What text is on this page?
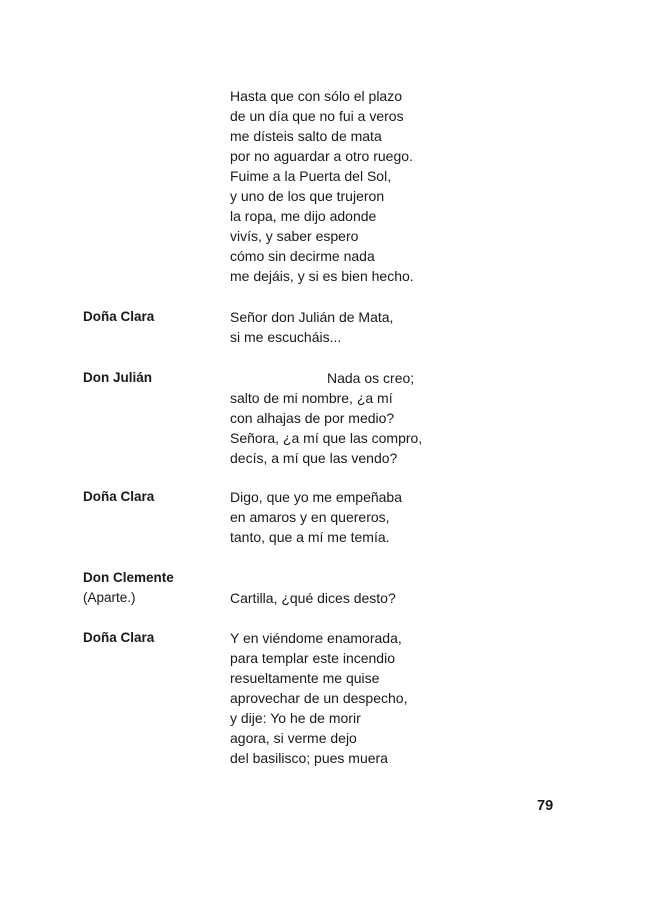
Hasta que con sólo el plazo
de un día que no fui a veros
me dísteis salto de mata
por no aguardar a otro ruego.
Fuime a la Puerta del Sol,
y uno de los que trujeron
la ropa, me dijo adonde
vivís, y saber espero
cómo sin decirme nada
me dejáis, y si es bien hecho.
Doña Clara	Señor don Julián de Mata,
si me escucháis...
Don Julián	Nada os creo;
salto de mi nombre, ¿a mí
con alhajas de por medio?
Señora, ¿a mí que las compro,
decís, a mí que las vendo?
Doña Clara	Digo, que yo me empeñaba
en amaros y en quereros,
tanto, que a mí me temía.
Don Clemente
(Aparte.)	Cartilla, ¿qué dices desto?
Doña Clara	Y en viéndome enamorada,
para templar este incendio
resueltamente me quise
aprovechar de un despecho,
y dije: Yo he de morir
agora, si verme dejo
del basilisco; pues muera
79
